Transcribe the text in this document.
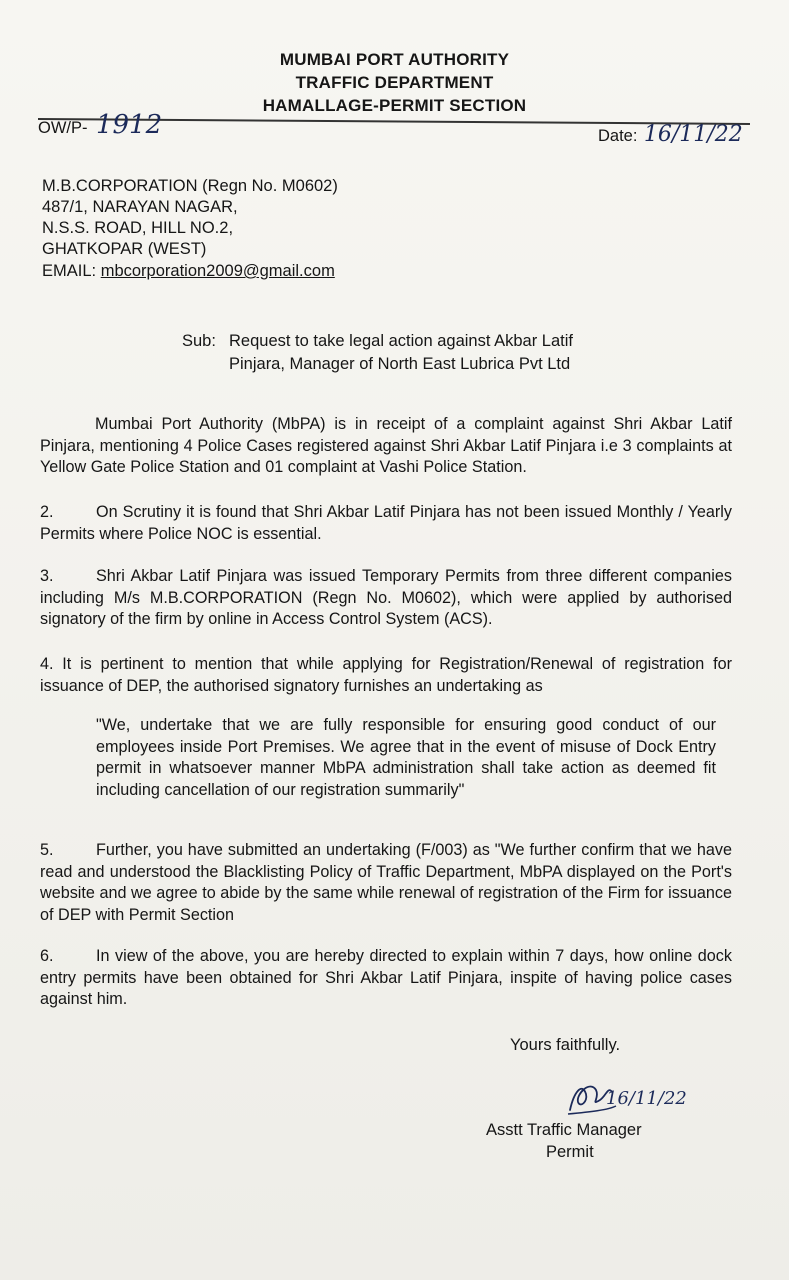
MUMBAI PORT AUTHORITY
TRAFFIC DEPARTMENT
HAMALLAGE-PERMIT SECTION
OW/P- 1912	Date: 16/11/22
M.B.CORPORATION (Regn No. M0602)
487/1, NARAYAN NAGAR,
N.S.S. ROAD, HILL NO.2,
GHATKOPAR (WEST)
EMAIL: mbcorporation2009@gmail.com
Sub: Request to take legal action against Akbar Latif
Pinjara, Manager of North East Lubrica Pvt Ltd

Mumbai Port Authority (MbPA) is in receipt of a complaint against Shri Akbar Latif Pinjara, mentioning 4 Police Cases registered against Shri Akbar Latif Pinjara i.e 3 complaints at Yellow Gate Police Station and 01 complaint at Vashi Police Station.

2.	On Scrutiny it is found that Shri Akbar Latif Pinjara has not been issued Monthly / Yearly Permits where Police NOC is essential.

3.	Shri Akbar Latif Pinjara was issued Temporary Permits from three different companies including M/s M.B.CORPORATION (Regn No. M0602), which were applied by authorised signatory of the firm by online in Access Control System (ACS).

4. It is pertinent to mention that while applying for Registration/Renewal of registration for issuance of DEP, the authorised signatory furnishes an undertaking as

"We, undertake that we are fully responsible for ensuring good conduct of our employees inside Port Premises. We agree that in the event of misuse of Dock Entry permit in whatsoever manner MbPA administration shall take action as deemed fit including cancellation of our registration summarily"

5.	Further, you have submitted an undertaking (F/003) as "We further confirm that we have read and understood the Blacklisting Policy of Traffic Department, MbPA displayed on the Port's website and we agree to abide by the same while renewal of registration of the Firm for issuance of DEP with Permit Section

6.	In view of the above, you are hereby directed to explain within 7 days, how online dock entry permits have been obtained for Shri Akbar Latif Pinjara, inspite of having police cases against him.

Yours faithfully.
16/11/22
Asstt Traffic Manager
Permit
